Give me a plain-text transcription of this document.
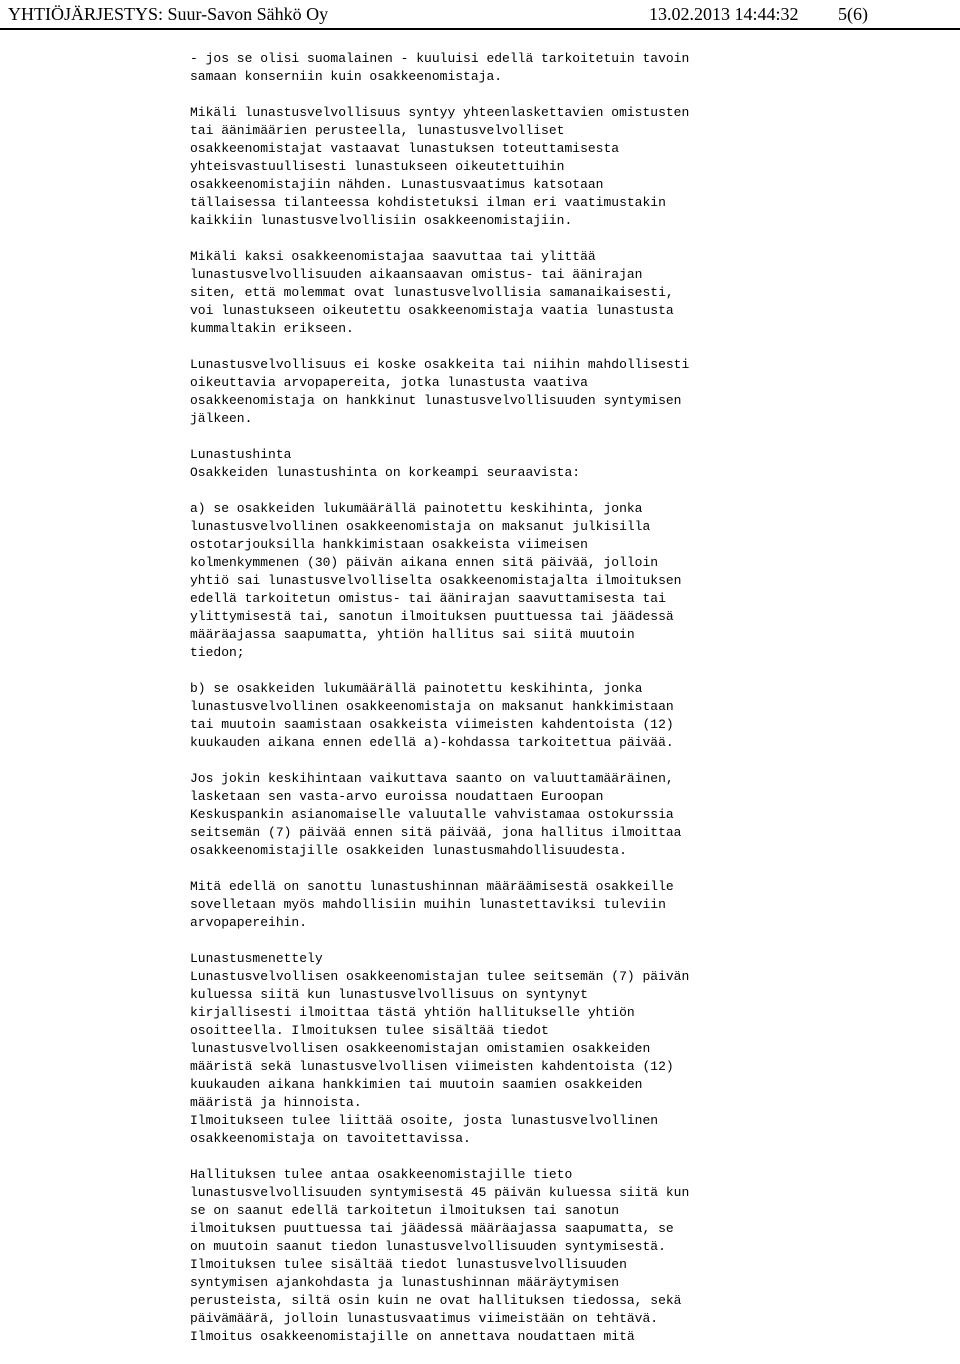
YHTIÖJÄRJESTYS: Suur-Savon Sähkö Oy	13.02.2013 14:44:32 5(6)
- jos se olisi suomalainen - kuuluisi edellä tarkoitetuin tavoin
samaan konserniin kuin osakkeenomistaja.
Mikäli lunastusvelvollisuus syntyy yhteenlaskettavien omistusten
tai äänimäärien perusteella, lunastusvelvolliset
osakkeenomistajat vastaavat lunastuksen toteuttamisesta
yhteisvastuullisesti lunastukseen oikeutettuihin
osakkeenomistajiin nähden. Lunastusvaatimus katsotaan
tällaisessa tilanteessa kohdistetuksi ilman eri vaatimustakin
kaikkiin lunastusvelvollisiin osakkeenomistajiin.
Mikäli kaksi osakkeenomistajaa saavuttaa tai ylittää
lunastusvelvollisuuden aikaansaavan omistus- tai äänirajan
siten, että molemmat ovat lunastusvelvollisia samanaikaisesti,
voi lunastukseen oikeutettu osakkeenomistaja vaatia lunastusta
kummaltakin erikseen.
Lunastusvelvollisuus ei koske osakkeita tai niihin mahdollisesti
oikeuttavia arvopapereita, jotka lunastusta vaativa
osakkeenomistaja on hankkinut lunastusvelvollisuuden syntymisen
jälkeen.
Lunastushinta
Osakkeiden lunastushinta on korkeampi seuraavista:
a) se osakkeiden lukumäärällä painotettu keskihinta, jonka
lunastusvelvollinen osakkeenomistaja on maksanut julkisilla
ostotarjouksilla hankkimistaan osakkeista viimeisen
kolmenkymmenen (30) päivän aikana ennen sitä päivää, jolloin
yhtiö sai lunastusvelvolliselta osakkeenomistajalta ilmoituksen
edellä tarkoitetun omistus- tai äänirajan saavuttamisesta tai
ylittymisestä tai, sanotun ilmoituksen puuttuessa tai jäädessä
määräajassa saapumatta, yhtiön hallitus sai siitä muutoin
tiedon;
b) se osakkeiden lukumäärällä painotettu keskihinta, jonka
lunastusvelvollinen osakkeenomistaja on maksanut hankkimistaan
tai muutoin saamistaan osakkeista viimeisten kahdentoista (12)
kuukauden aikana ennen edellä a)-kohdassa tarkoitettua päivää.
Jos jokin keskihintaan vaikuttava saanto on valuuttamääräinen,
lasketaan sen vasta-arvo euroissa noudattaen Euroopan
Keskuspankin asianomaiselle valuutalle vahvistamaa ostokurssia
seitsemän (7) päivää ennen sitä päivää, jona hallitus ilmoittaa
osakkeenomistajille osakkeiden lunastusmahdollisuudesta.
Mitä edellä on sanottu lunastushinnan määräämisestä osakkeille
sovelletaan myös mahdollisiin muihin lunastettaviksi tuleviin
arvopapereihin.
Lunastusmenettely
Lunastusvelvollisen osakkeenomistajan tulee seitsemän (7) päivän
kuluessa siitä kun lunastusvelvollisuus on syntynyt
kirjallisesti ilmoittaa tästä yhtiön hallitukselle yhtiön
osoitteella. Ilmoituksen tulee sisältää tiedot
lunastusvelvollisen osakkeenomistajan omistamien osakkeiden
määristä sekä lunastusvelvollisen viimeisten kahdentoista (12)
kuukauden aikana hankkimien tai muutoin saamien osakkeiden
määristä ja hinnoista.
Ilmoitukseen tulee liittää osoite, josta lunastusvelvollinen
osakkeenomistaja on tavoitettavissa.
Hallituksen tulee antaa osakkeenomistajille tieto
lunastusvelvollisuuden syntymisestä 45 päivän kuluessa siitä kun
se on saanut edellä tarkoitetun ilmoituksen tai sanotun
ilmoituksen puuttuessa tai jäädessä määräajassa saapumatta, se
on muutoin saanut tiedon lunastusvelvollisuuden syntymisestä.
Ilmoituksen tulee sisältää tiedot lunastusvelvollisuuden
syntymisen ajankohdasta ja lunastushinnan määräytymisen
perusteista, siltä osin kuin ne ovat hallituksen tiedossa, sekä
päivämäärä, jolloin lunastusvaatimus viimeistään on tehtävä.
Ilmoitus osakkeenomistajille on annettava noudattaen mitä
